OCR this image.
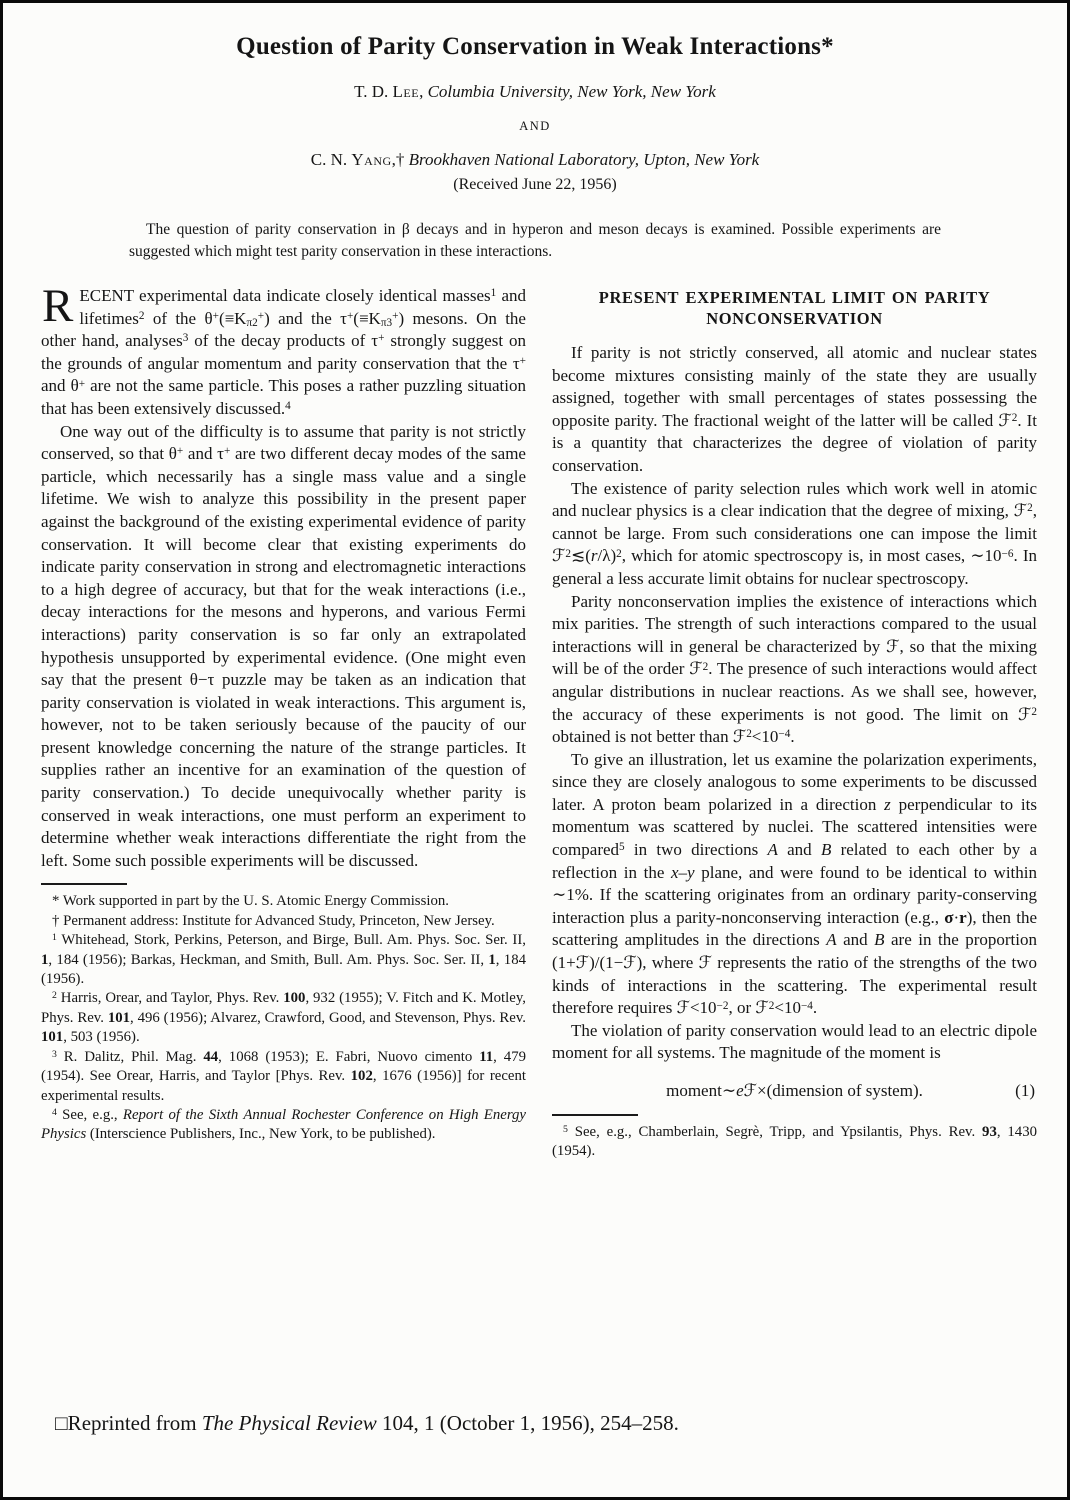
Question of Parity Conservation in Weak Interactions*

T. D. Lee, Columbia University, New York, New York

AND

C. N. Yang,† Brookhaven National Laboratory, Upton, New York

(Received June 22, 1956)

The question of parity conservation in β decays and in hyperon and meson decays is examined. Possible experiments are suggested which might test parity conservation in these interactions.

RECENT experimental data indicate closely identical masses$^1$ and lifetimes$^2$ of the $\theta^+(\equiv K_{\pi 2}^+)$ and the $\tau^+(\equiv K_{\pi 3}^+)$ mesons. On the other hand, analyses$^3$ of the decay products of τ+ strongly suggest on the grounds of angular momentum and parity conservation that the τ+ and θ+ are not the same particle. This poses a rather puzzling situation that has been extensively discussed.$^4$

One way out of the difficulty is to assume that parity is not strictly conserved, so that θ+ and τ+ are two different decay modes of the same particle, which necessarily has a single mass value and a single lifetime. We wish to analyze this possibility in the present paper against the background of the existing experimental evidence of parity conservation. It will become clear that existing experiments do indicate parity conservation in strong and electromagnetic interactions to a high degree of accuracy, but that for the weak interactions (i.e., decay interactions for the mesons and hyperons, and various Fermi interactions) parity conservation is so far only an extrapolated hypothesis unsupported by experimental evidence. (One might even say that the present θ−τ puzzle may be taken as an indication that parity conservation is violated in weak interactions. This argument is, however, not to be taken seriously because of the paucity of our present knowledge concerning the nature of the strange particles. It supplies rather an incentive for an examination of the question of parity conservation.) To decide unequivocally whether parity is conserved in weak interactions, one must perform an experiment to determine whether weak interactions differentiate the right from the left. Some such possible experiments will be discussed.

* Work supported in part by the U. S. Atomic Energy Commission.

† Permanent address: Institute for Advanced Study, Princeton, New Jersey.

$^1$ Whitehead, Stork, Perkins, Peterson, and Birge, Bull. Am. Phys. Soc. Ser. II, 1, 184 (1956); Barkas, Heckman, and Smith, Bull. Am. Phys. Soc. Ser. II, 1, 184 (1956).

$^2$ Harris, Orear, and Taylor, Phys. Rev. 100, 932 (1955); V. Fitch and K. Motley, Phys. Rev. 101, 496 (1956); Alvarez, Crawford, Good, and Stevenson, Phys. Rev. 101, 503 (1956).

$^3$ R. Dalitz, Phil. Mag. 44, 1068 (1953); E. Fabri, Nuovo cimento 11, 479 (1954). See Orear, Harris, and Taylor [Phys. Rev. 102, 1676 (1956)] for recent experimental results.

$^4$ See, e.g., Report of the Sixth Annual Rochester Conference on High Energy Physics (Interscience Publishers, Inc., New York, to be published).

PRESENT EXPERIMENTAL LIMIT ON PARITY NONCONSERVATION

If parity is not strictly conserved, all atomic and nuclear states become mixtures consisting mainly of the state they are usually assigned, together with small percentages of states possessing the opposite parity. The fractional weight of the latter will be called ℱ$^2$. It is a quantity that characterizes the degree of violation of parity conservation.

The existence of parity selection rules which work well in atomic and nuclear physics is a clear indication that the degree of mixing, ℱ$^2$, cannot be large. From such considerations one can impose the limit $ℱ^2≲(r/\lambda)^2$, which for atomic spectroscopy is, in most cases, $\sim 10^{-6}$. In general a less accurate limit obtains for nuclear spectroscopy.

Parity nonconservation implies the existence of interactions which mix parities. The strength of such interactions compared to the usual interactions will in general be characterized by ℱ, so that the mixing will be of the order ℱ$^2$. The presence of such interactions would affect angular distributions in nuclear reactions. As we shall see, however, the accuracy of these experiments is not good. The limit on ℱ$^2$ obtained is not better than $ℱ^2<10^{-4}$.

To give an illustration, let us examine the polarization experiments, since they are closely analogous to some experiments to be discussed later. A proton beam polarized in a direction z perpendicular to its momentum was scattered by nuclei. The scattered intensities were compared$^5$ in two directions A and B related to each other by a reflection in the x–y plane, and were found to be identical to within ∼1%. If the scattering originates from an ordinary parity-conserving interaction plus a parity-nonconserving interaction (e.g., σ·r), then the scattering amplitudes in the directions A and B are in the proportion (1+ℱ)/(1−ℱ), where ℱ represents the ratio of the strengths of the two kinds of interactions in the scattering. The experimental result therefore requires $ℱ<10^{-2}$, or $ℱ^2<10^{-4}$.

The violation of parity conservation would lead to an electric dipole moment for all systems. The magnitude of the moment is

moment∼eℱ×(dimension of system).	(1)

$^5$ See, e.g., Chamberlain, Segrè, Tripp, and Ypsilantis, Phys. Rev. 93, 1430 (1954).

□Reprinted from The Physical Review 104, 1 (October 1, 1956), 254–258.
